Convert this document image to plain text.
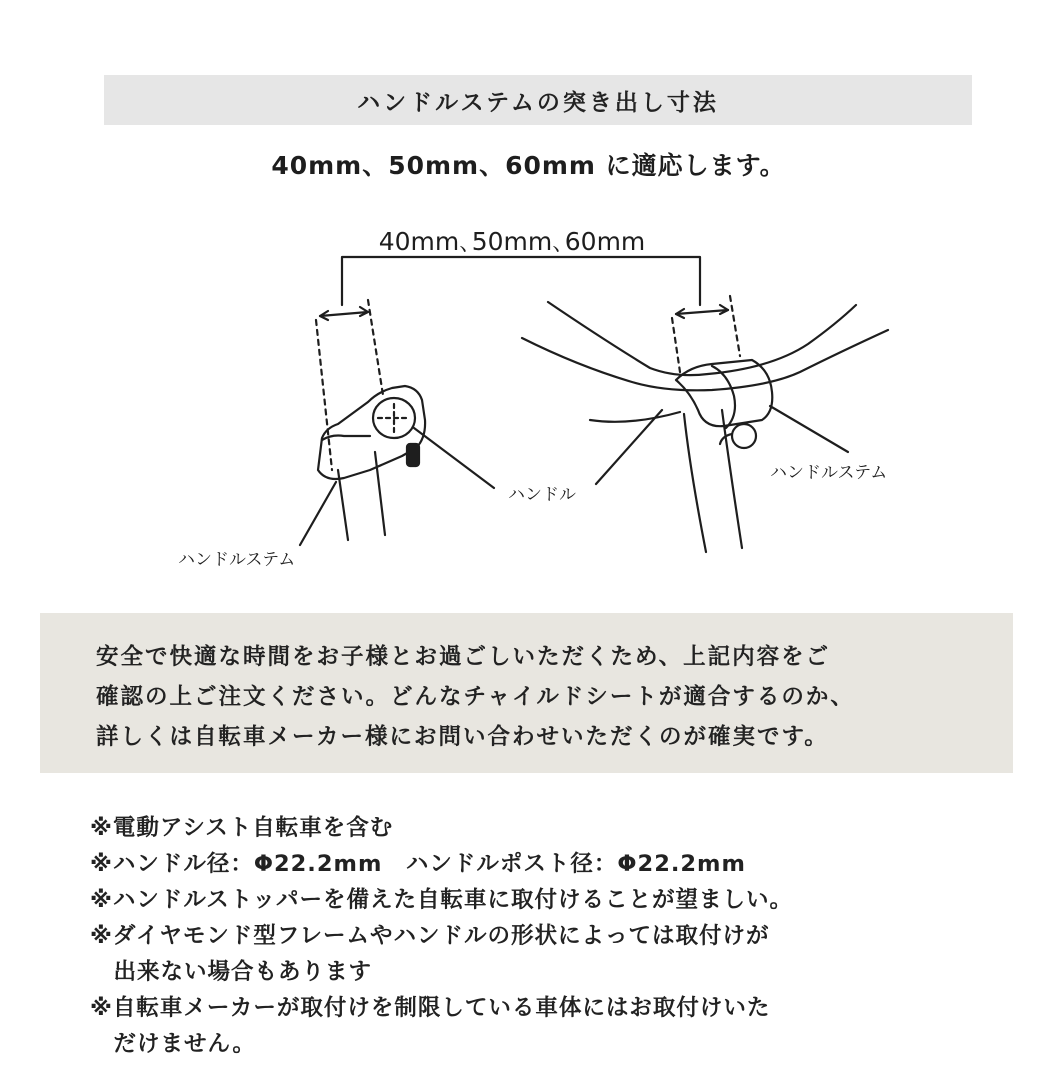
ハンドルステムの突き出し寸法
40mm、50mm、60mm に適応します。
40mm､50mm､60mm
ハンドルステム
ハンドル
ハンドルステム
安全で快適な時間をお子様とお過ごしいただくため、上記内容をご
確認の上ご注文ください。どんなチャイルドシートが適合するのか、
詳しくは自転車メーカー様にお問い合わせいただくのが確実です。
※電動アシスト自転車を含む
※ハンドル径：Φ22.2mm　ハンドルポスト径：Φ22.2mm
※ハンドルストッパーを備えた自転車に取付けることが望ましい。
※ダイヤモンド型フレームやハンドルの形状によっては取付けが
　出来ない場合もあります
※自転車メーカーが取付けを制限している車体にはお取付けいた
　だけません。
